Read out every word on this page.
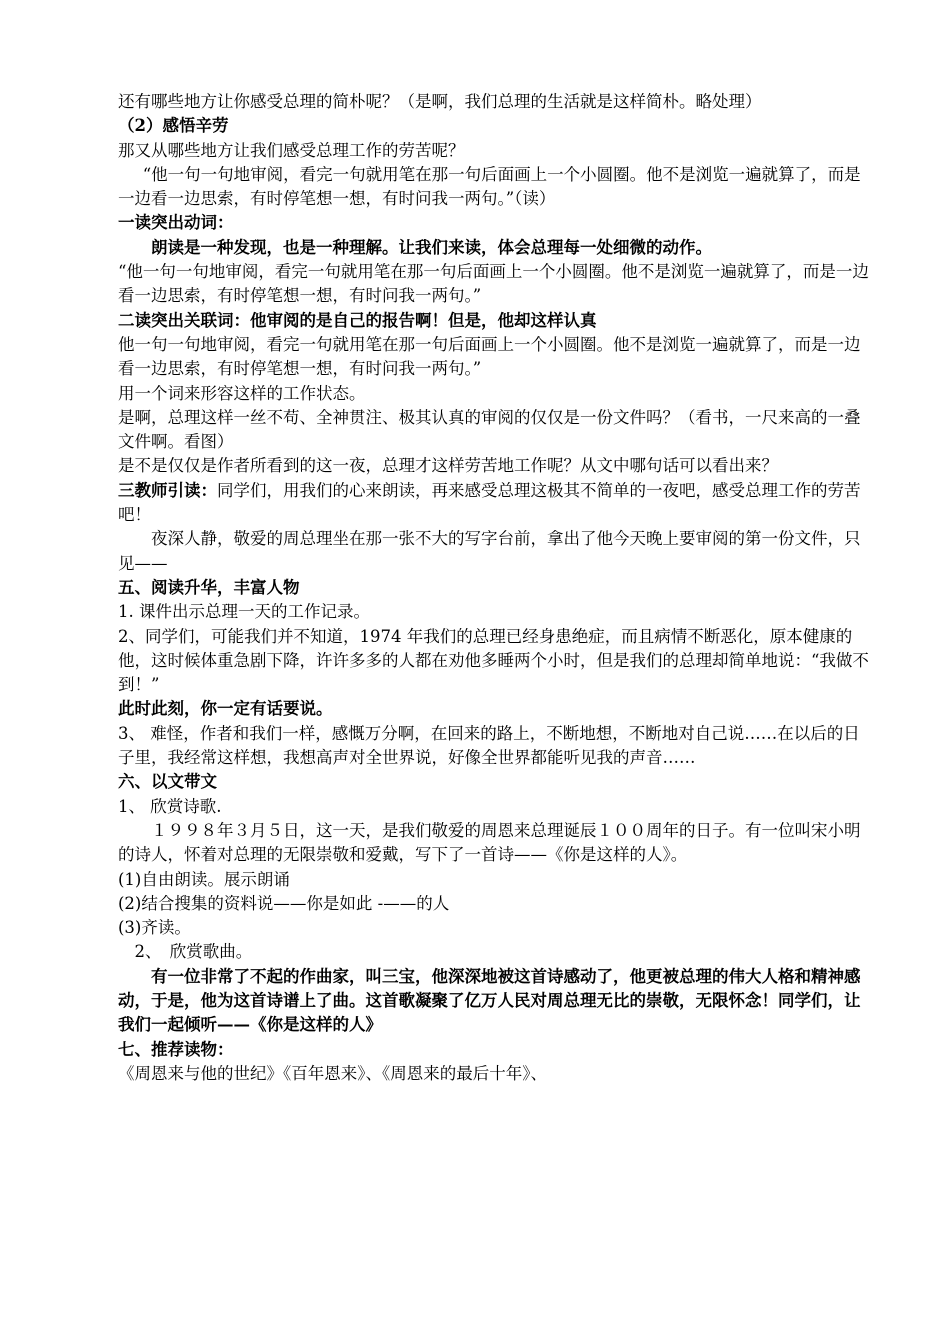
还有哪些地方让你感受总理的简朴呢？（是啊，我们总理的生活就是这样简朴。略处理）

（2）感悟辛劳

那又从哪些地方让我们感受总理工作的劳苦呢？

“他一句一句地审阅，看完一句就用笔在那一句后面画上一个小圆圈。他不是浏览一遍就算了，而是一边看一边思索，有时停笔想一想，有时问我一两句。”（读）

一读突出动词：

朗读是一种发现，也是一种理解。让我们来读，体会总理每一处细微的动作。

“他一句一句地审阅，看完一句就用笔在那一句后面画上一个小圆圈。他不是浏览一遍就算了，而是一边看一边思索，有时停笔想一想，有时问我一两句。”

二读突出关联词：他审阅的是自己的报告啊！但是，他却这样认真

他一句一句地审阅，看完一句就用笔在那一句后面画上一个小圆圈。他不是浏览一遍就算了，而是一边看一边思索，有时停笔想一想，有时问我一两句。”

用一个词来形容这样的工作状态。

是啊，总理这样一丝不苟、全神贯注、极其认真的审阅的仅仅是一份文件吗？（看书，一尺来高的一叠文件啊。看图）

是不是仅仅是作者所看到的这一夜，总理才这样劳苦地工作呢？从文中哪句话可以看出来？

三教师引读：同学们，用我们的心来朗读，再来感受总理这极其不简单的一夜吧，感受总理工作的劳苦吧！

夜深人静，敬爱的周总理坐在那一张不大的写字台前，拿出了他今天晚上要审阅的第一份文件，只见——

五、阅读升华，丰富人物

1. 课件出示总理一天的工作记录。

2、同学们，可能我们并不知道，1974 年我们的总理已经身患绝症，而且病情不断恶化，原本健康的他，这时候体重急剧下降，许许多多的人都在劝他多睡两个小时，但是我们的总理却简单地说：“我做不到！”

此时此刻，你一定有话要说。

3、 难怪，作者和我们一样，感慨万分啊，在回来的路上，不断地想，不断地对自己说……在以后的日子里，我经常这样想，我想高声对全世界说，好像全世界都能听见我的声音……

六、以文带文

1、 欣赏诗歌.

１９９８年３月５日，这一天，是我们敬爱的周恩来总理诞辰１００周年的日子。有一位叫宋小明的诗人，怀着对总理的无限崇敬和爱戴，写下了一首诗——《你是这样的人》。

(1)自由朗读。展示朗诵

(2)结合搜集的资料说——你是如此 -——的人

(3)齐读。

2、　欣赏歌曲。

有一位非常了不起的作曲家，叫三宝，他深深地被这首诗感动了，他更被总理的伟大人格和精神感动，于是，他为这首诗谱上了曲。这首歌凝聚了亿万人民对周总理无比的崇敬，无限怀念！同学们，让我们一起倾听——《你是这样的人》

七、推荐读物：

《周恩来与他的世纪》《百年恩来》、《周恩来的最后十年》、
